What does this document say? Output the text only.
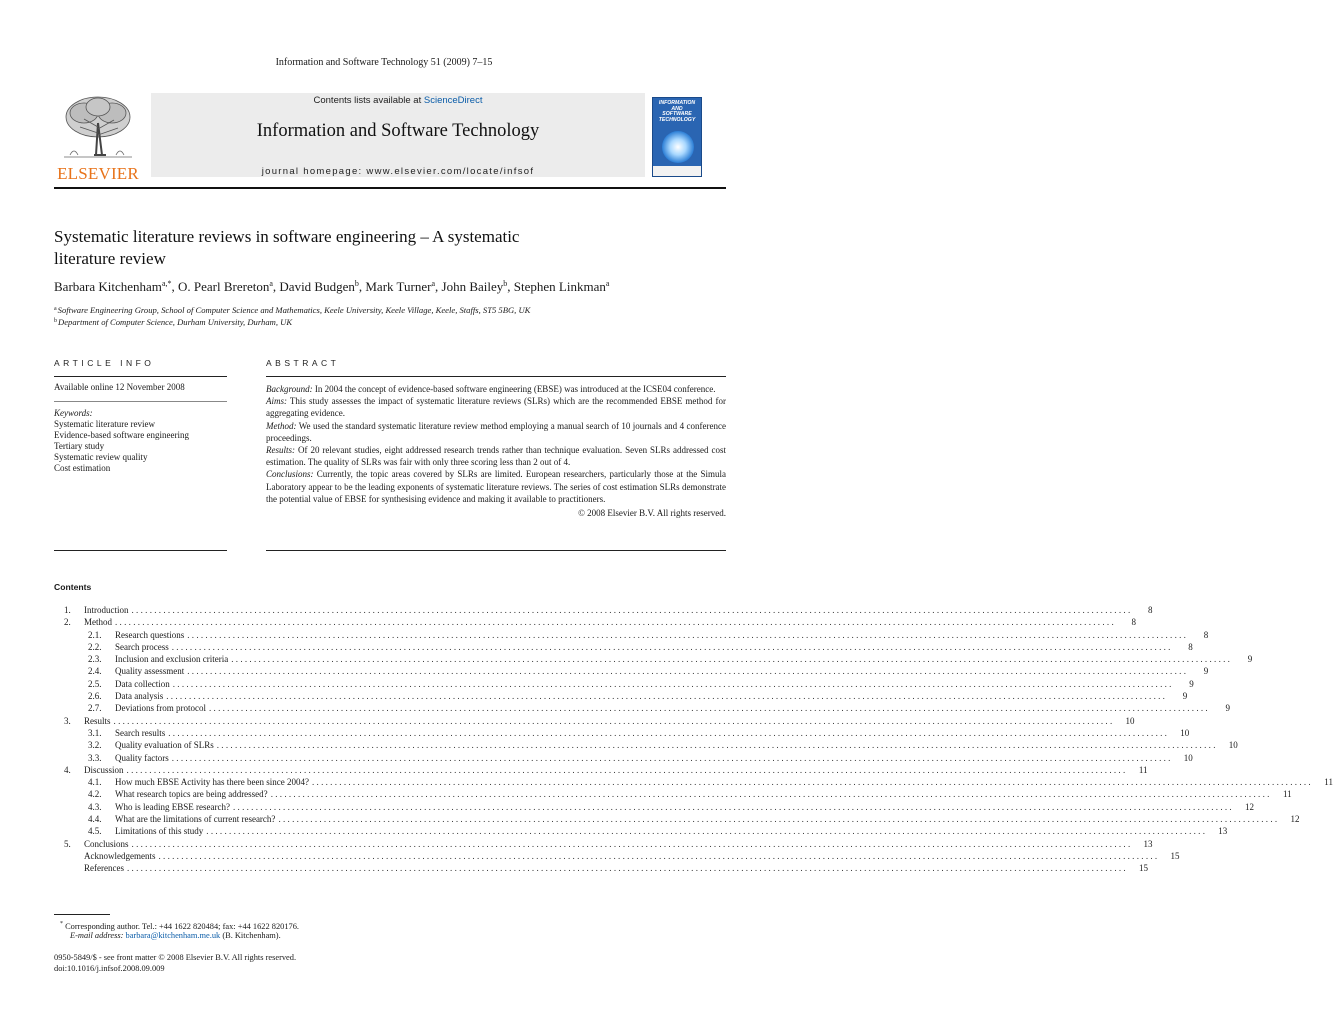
Information and Software Technology 51 (2009) 7–15
ELSEVIER
Contents lists available at ScienceDirect
Information and Software Technology
journal homepage: www.elsevier.com/locate/infsof
INFORMATION
AND
SOFTWARE
TECHNOLOGY
Systematic literature reviews in software engineering – A systematic
literature review
Barbara Kitchenham$^{a,*}$, O. Pearl Brereton$^a$, David Budgen$^b$, Mark Turner$^a$, John Bailey$^b$, Stephen Linkman$^a$
$^a$Software Engineering Group, School of Computer Science and Mathematics, Keele University, Keele Village, Keele, Staffs, ST5 5BG, UK
$^b$Department of Computer Science, Durham University, Durham, UK
ARTICLE INFO	ABSTRACT
Available online 12 November 2008
Keywords:
Systematic literature review
Evidence-based software engineering
Tertiary study
Systematic review quality
Cost estimation

Background: In 2004 the concept of evidence-based software engineering (EBSE) was introduced at the ICSE04 conference.

Aims: This study assesses the impact of systematic literature reviews (SLRs) which are the recommended EBSE method for aggregating evidence.

Method: We used the standard systematic literature review method employing a manual search of 10 journals and 4 conference proceedings.

Results: Of 20 relevant studies, eight addressed research trends rather than technique evaluation. Seven SLRs addressed cost estimation. The quality of SLRs was fair with only three scoring less than 2 out of 4.

Conclusions: Currently, the topic areas covered by SLRs are limited. European researchers, particularly those at the Simula Laboratory appear to be the leading exponents of systematic literature reviews. The series of cost estimation SLRs demonstrate the potential value of EBSE for synthesising evidence and making it available to practitioners.

© 2008 Elsevier B.V. All rights reserved.

Contents
1.	Introduction ............................................................................................................................................................................................................................	8
2.	Method ............................................................................................................................................................................................................................	8
2.1.	Research questions ............................................................................................................................................................................................................................	8
2.2.	Search process ............................................................................................................................................................................................................................	8
2.3.	Inclusion and exclusion criteria ............................................................................................................................................................................................................................	9
2.4.	Quality assessment ............................................................................................................................................................................................................................	9
2.5.	Data collection ............................................................................................................................................................................................................................	9
2.6.	Data analysis ............................................................................................................................................................................................................................	9
2.7.	Deviations from protocol ............................................................................................................................................................................................................................	9
3.	Results ............................................................................................................................................................................................................................	10
3.1.	Search results ............................................................................................................................................................................................................................	10
3.2.	Quality evaluation of SLRs ............................................................................................................................................................................................................................	10
3.3.	Quality factors ............................................................................................................................................................................................................................	10
4.	Discussion ............................................................................................................................................................................................................................	11
4.1.	How much EBSE Activity has there been since 2004? ............................................................................................................................................................................................................................	11
4.2.	What research topics are being addressed? ............................................................................................................................................................................................................................	11
4.3.	Who is leading EBSE research? ............................................................................................................................................................................................................................	12
4.4.	What are the limitations of current research? ............................................................................................................................................................................................................................	12
4.5.	Limitations of this study ............................................................................................................................................................................................................................	13
5.	Conclusions ............................................................................................................................................................................................................................	13
Acknowledgements ............................................................................................................................................................................................................................	15
References ............................................................................................................................................................................................................................	15
* Corresponding author. Tel.: +44 1622 820484; fax: +44 1622 820176.
E-mail address: barbara@kitchenham.me.uk (B. Kitchenham).
0950-5849/$ - see front matter © 2008 Elsevier B.V. All rights reserved.
doi:10.1016/j.infsof.2008.09.009
